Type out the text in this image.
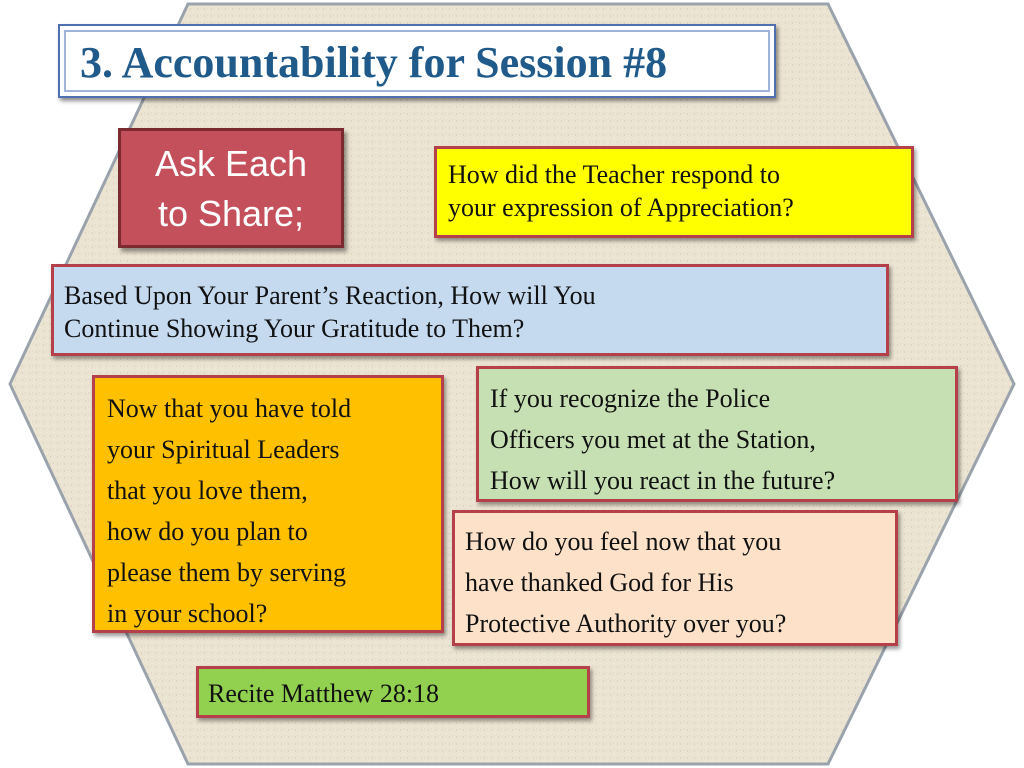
3. Accountability for Session #8
Ask Each
to Share;
How did the Teacher respond to
your expression of Appreciation?
Based Upon Your Parent’s Reaction, How will You
Continue Showing Your Gratitude to Them?
Now that you have told
your Spiritual Leaders
that you love them,
how do you plan to
please them by serving
in your school?
If you recognize the Police
Officers you met at the Station,
How will you react in the future?
How do you feel now that you
have thanked God for His
Protective Authority over you?
Recite Matthew 28:18
